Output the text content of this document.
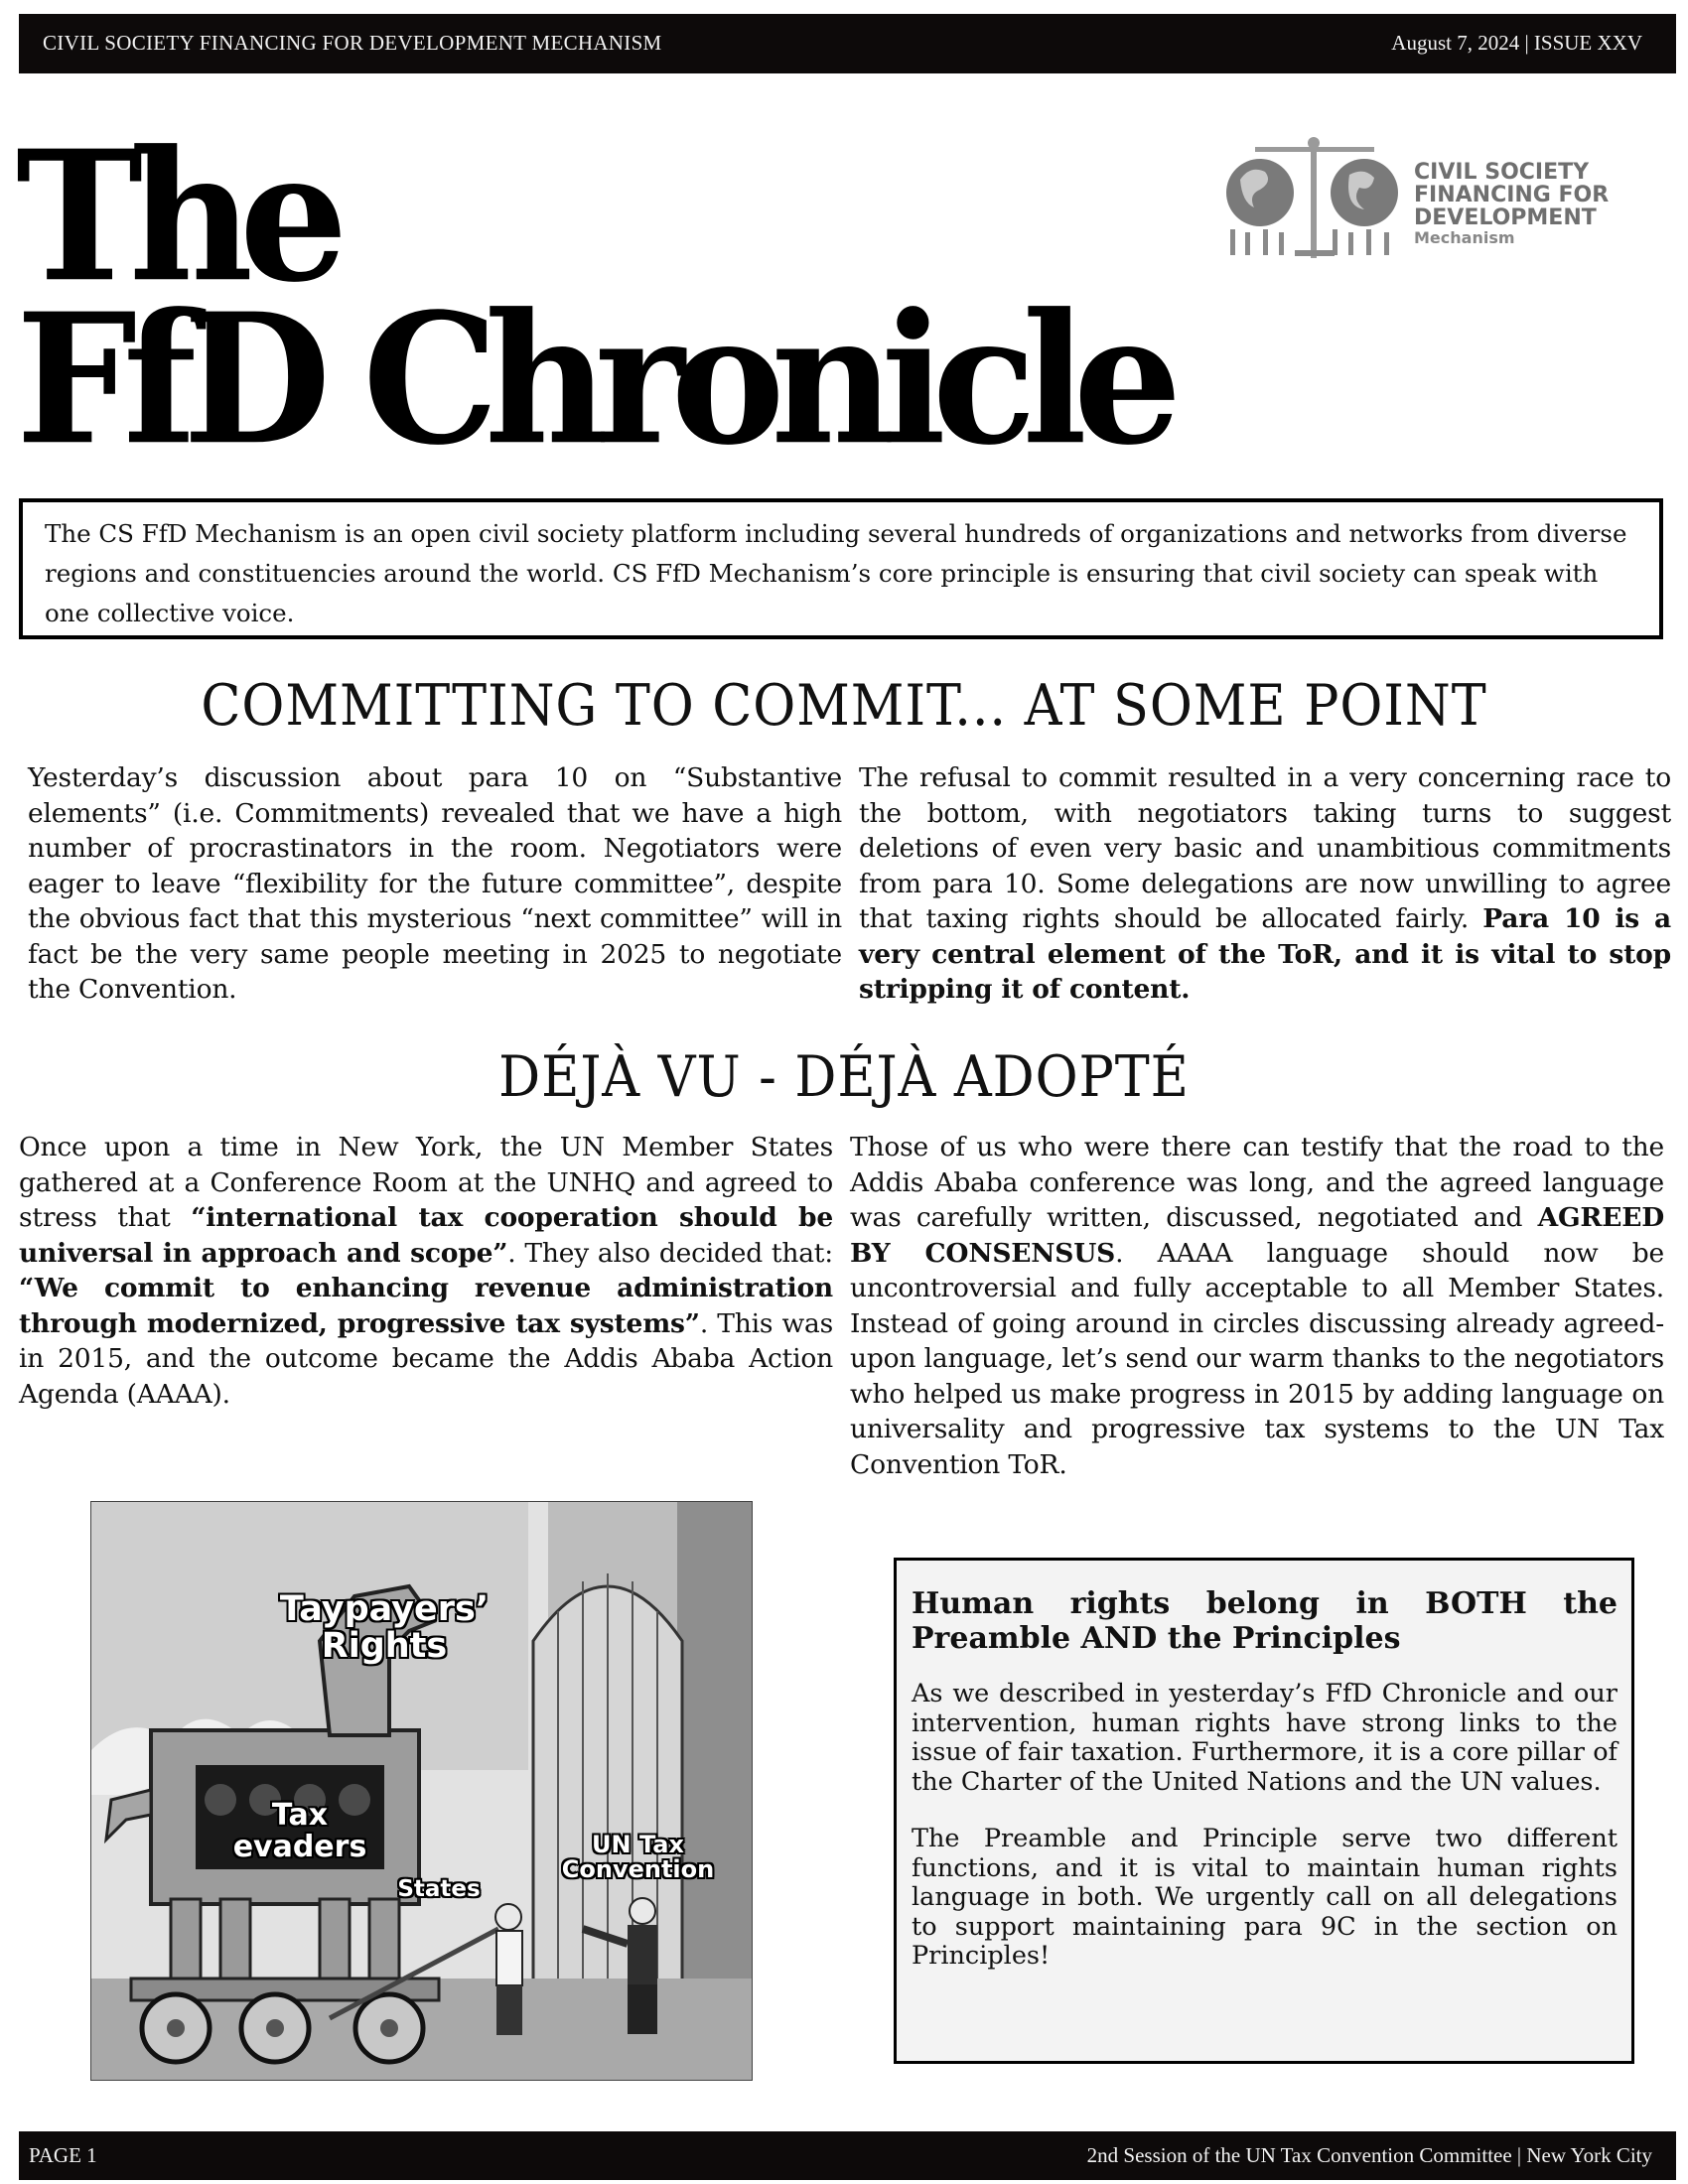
CIVIL SOCIETY FINANCING FOR DEVELOPMENT MECHANISM	August 7, 2024 | ISSUE XXV
The
FfD Chronicle
CIVIL SOCIETY
FINANCING FOR
DEVELOPMENT
Mechanism
The CS FfD Mechanism is an open civil society platform including several hundreds of organizations and networks from diverse regions and constituencies around the world. CS FfD Mechanism’s core principle is ensuring that civil society can speak with one collective voice.
COMMITTING TO COMMIT... AT SOME POINT
Yesterday’s discussion about para 10 on “Substantive elements” (i.e. Commitments) revealed that we have a high number of procrastinators in the room. Negotiators were eager to leave “flexibility for the future committee”, despite the obvious fact that this mysterious “next committee” will in fact be the very same people meeting in 2025 to negotiate the Convention.
The refusal to commit resulted in a very concerning race to the bottom, with negotiators taking turns to suggest deletions of even very basic and unambitious commitments from para 10. Some delegations are now unwilling to agree that taxing rights should be allocated fairly. Para 10 is a very central element of the ToR, and it is vital to stop stripping it of content.
DÉJÀ VU - DÉJÀ ADOPTÉ
Once upon a time in New York, the UN Member States gathered at a Conference Room at the UNHQ and agreed to stress that “international tax cooperation should be universal in approach and scope”. They also decided that: “We commit to enhancing revenue administration through modernized, progressive tax systems”. This was in 2015, and the outcome became the Addis Ababa Action Agenda (AAAA).
Those of us who were there can testify that the road to the Addis Ababa conference was long, and the agreed language was carefully written, discussed, negotiated and AGREED BY CONSENSUS. AAAA language should now be uncontroversial and fully acceptable to all Member States. Instead of going around in circles discussing already agreed-upon language, let’s send our warm thanks to the negotiators who helped us make progress in 2015 by adding language on universality and progressive tax systems to the UN Tax Convention ToR.
Taypayers’ Rights
Tax evaders
States
UN Tax Convention
Human rights belong in BOTH the Preamble AND the Principles

As we described in yesterday’s FfD Chronicle and our intervention, human rights have strong links to the issue of fair taxation. Furthermore, it is a core pillar of the Charter of the United Nations and the UN values.

The Preamble and Principle serve two different functions, and it is vital to maintain human rights language in both. We urgently call on all delegations to support maintaining para 9C in the section on Principles!

PAGE 1	2nd Session of the UN Tax Convention Committee | New York City
